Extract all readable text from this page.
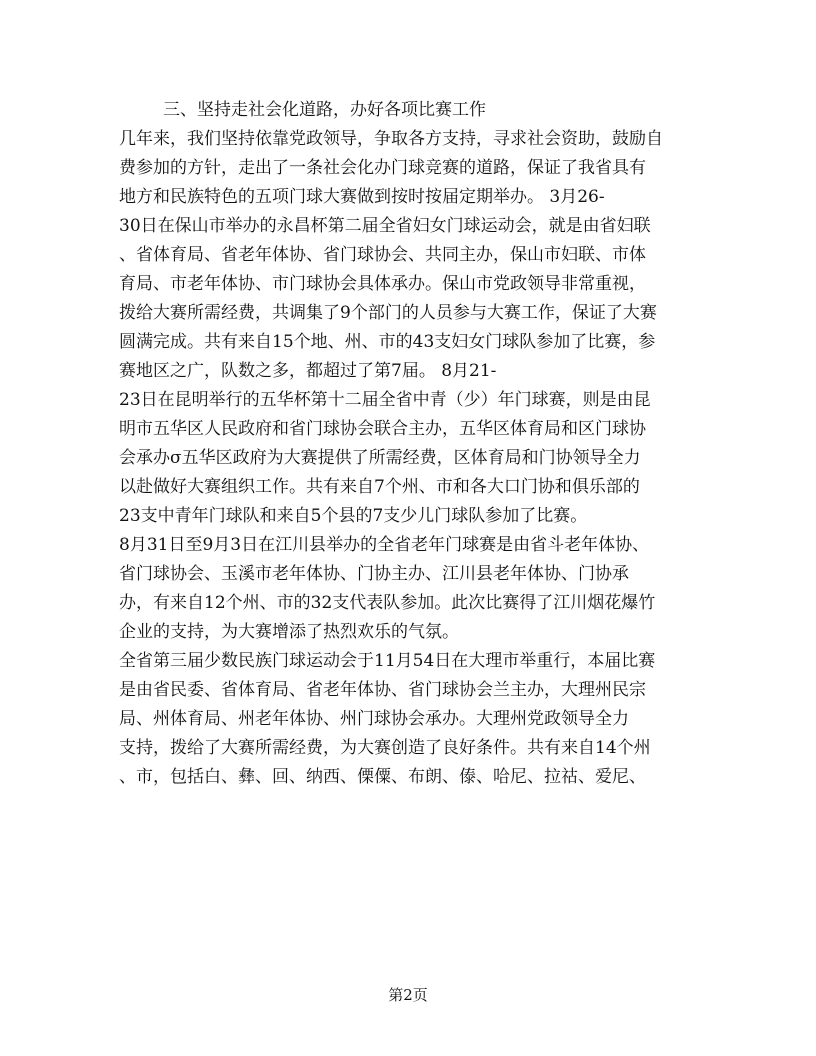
三、坚持走社会化道路，办好各项比赛工作

几年来，我们坚持依靠党政领导，争取各方支持，寻求社会资助，鼓励自

费参加的方针，走出了一条社会化办门球竞赛的道路，保证了我省具有

地方和民族特色的五项门球大赛做到按时按届定期举办。 3月26-

30日在保山市举办的永昌杯第二届全省妇女门球运动会，就是由省妇联

、省体育局、省老年体协、省门球协会、共同主办，保山市妇联、市体

育局、市老年体协、市门球协会具体承办。保山市党政领导非常重视，

拨给大赛所需经费，共调集了9个部门的人员参与大赛工作，保证了大赛

圆满完成。共有来自15个地、州、市的43支妇女门球队参加了比赛，参

赛地区之广，队数之多，都超过了第7届。 8月21-

23日在昆明举行的五华杯第十二届全省中青（少）年门球赛，则是由昆

明市五华区人民政府和省门球协会联合主办，五华区体育局和区门球协

会承办σ五华区政府为大赛提供了所需经费，区体育局和门协领导全力

以赴做好大赛组织工作。共有来自7个州、市和各大口门协和俱乐部的

23支中青年门球队和来自5个县的7支少儿门球队参加了比赛。

8月31日至9月3日在江川县举办的全省老年门球赛是由省斗老年体协、

省门球协会、玉溪市老年体协、门协主办、江川县老年体协、门协承

办，有来自12个州、市的32支代表队参加。此次比赛得了江川烟花爆竹

企业的支持，为大赛增添了热烈欢乐的气氛。

全省第三届少数民族门球运动会于11月54日在大理市举重行，本届比赛

是由省民委、省体育局、省老年体协、省门球协会兰主办，大理州民宗

局、州体育局、州老年体协、州门球协会承办。大理州党政领导全力

支持，拨给了大赛所需经费，为大赛创造了良好条件。共有来自14个州

、市，包括白、彝、回、纳西、傈僳、布朗、傣、哈尼、拉祜、爱尼、

第2页
